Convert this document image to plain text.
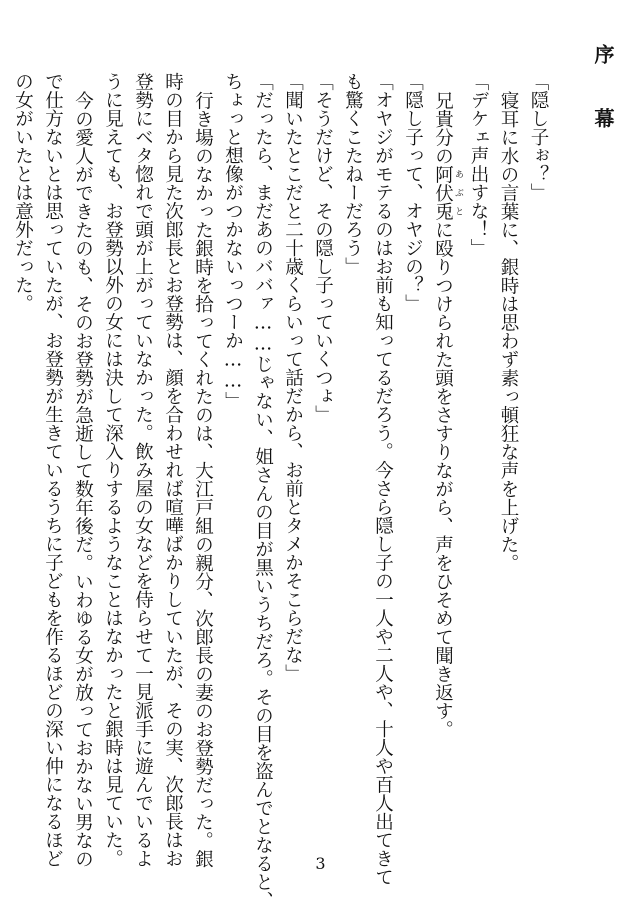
序　幕
「隠し子ぉ？」
寝耳に水の言葉に、銀時は思わず素っ頓狂な声を上げた。
「デケェ声出すな！」
兄貴分の阿伏兎 あぶとに殴りつけられた頭をさすりながら、声をひそめて聞き返す。
「隠し子って、オヤジの？」
「オヤジがモテるのはお前も知ってるだろう。今さら隠し子の一人や二人や、十人や百人出てきて
も驚くこたねーだろう」
「そうだけど、その隠し子っていくつょ」
「聞いたとこだと二十歳くらいって話だから、お前とタメかそこらだな」
「だったら、まだあのババァ……じゃない、姐さんの目が黒いうちだろ。その目を盗んでとなると、
ちょっと想像がつかないっつーか……」
行き場のなかった銀時を拾ってくれたのは、大江戸組の親分、次郎長の妻のお登勢だった。銀
時の目から見た次郎長とお登勢は、顔を合わせれば喧嘩ばかりしていたが、その実、次郎長はお
登勢にベタ惚れで頭が上がっていなかった。飲み屋の女などを侍らせて一見派手に遊んでいるよ
うに見えても、お登勢以外の女には決して深入りするようなことはなかったと銀時は見ていた。
今の愛人ができたのも、そのお登勢が急逝して数年後だ。いわゆる女が放っておかない男なの
で仕方ないとは思っていたが、お登勢が生きているうちに子どもを作るほどの深い仲になるほど
の女がいたとは意外だった。
3
